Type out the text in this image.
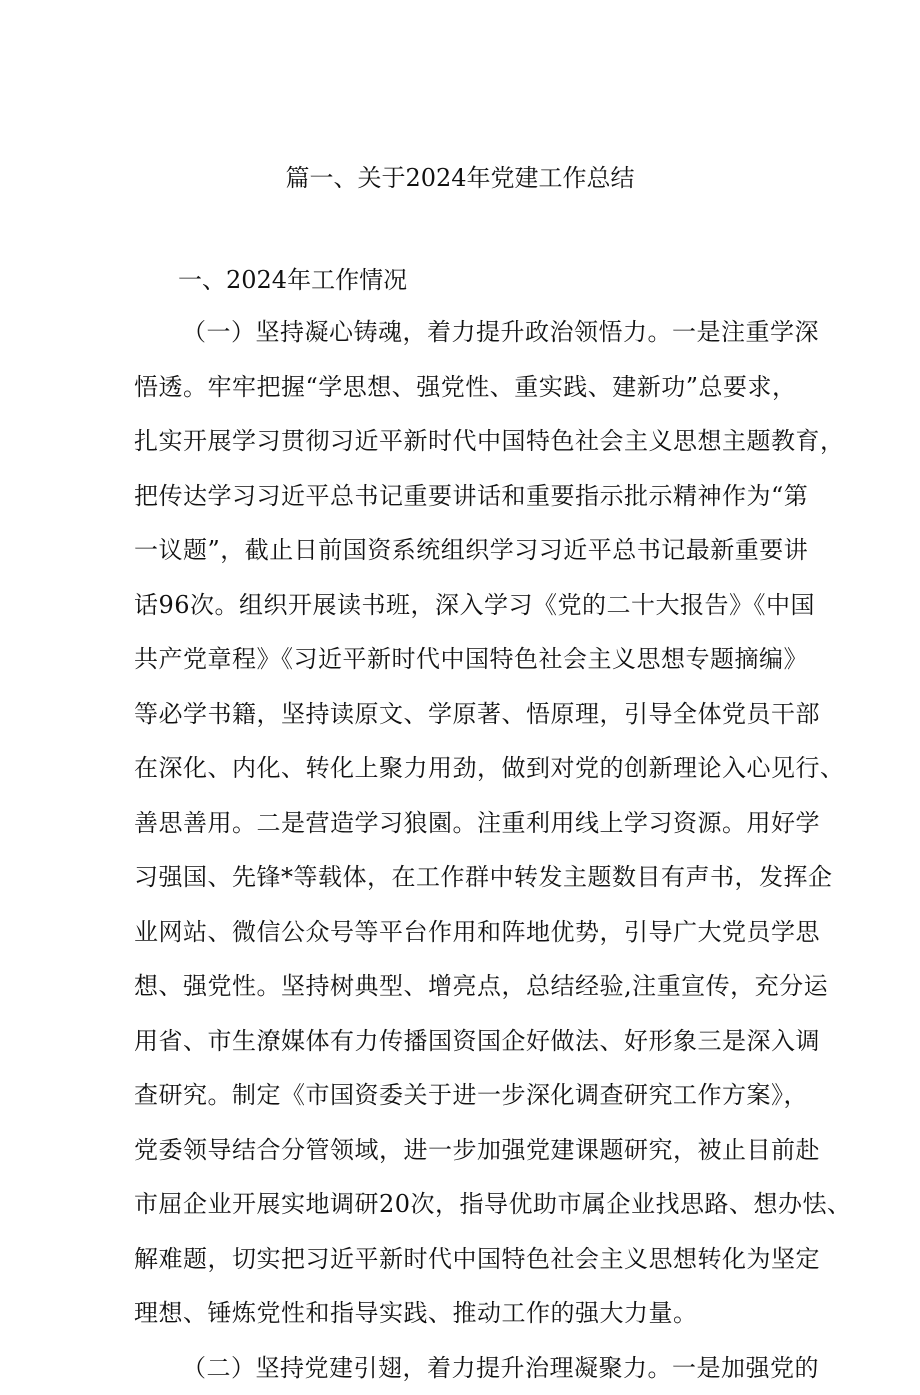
篇一、关于2024年党建工作总结
一、2024年工作情况
（一）坚持凝心铸魂，着力提升政治领悟力。一是注重学深
悟透。牢牢把握“学思想、强党性、重实践、建新功”总要求，
扎实开展学习贯彻习近平新时代中国特色社会主义思想主题教育，
把传达学习习近平总书记重要讲话和重要指示批示精神作为“第
一议题”，截止日前国资系统组织学习习近平总书记最新重要讲
话96次。组织开展读书班，深入学习《党的二十大报告》《中国
共产党章程》《习近平新时代中国特色社会主义思想专题摘编》
等必学书籍，坚持读原文、学原著、悟原理，引导全体党员干部
在深化、内化、转化上聚力用劲，做到对党的创新理论入心见行、
善思善用。二是营造学习狼園。注重利用线上学习资源。用好学
习强国、先锋*等载体，在工作群中转发主题数目有声书，发挥企
业网站、微信公众号等平台作用和阵地优势，引导广大党员学思
想、强党性。坚持树典型、增亮点，总结经验,注重宣传，充分运
用省、市生潦媒体有力传播国资国企好做法、好形象三是深入调
查研究。制定《市国资委关于进一步深化调查研究工作方案》，
党委领导结合分管领域，进一步加强党建课题研究，被止目前赴
市屈企业开展实地调研20次，指导优助市属企业找思路、想办怯、
解难题，切实把习近平新时代中国特色社会主义思想转化为坚定
理想、锤炼党性和指导实践、推动工作的强大力量。
（二）坚持党建引翅，着力提升治理凝聚力。一是加强党的
